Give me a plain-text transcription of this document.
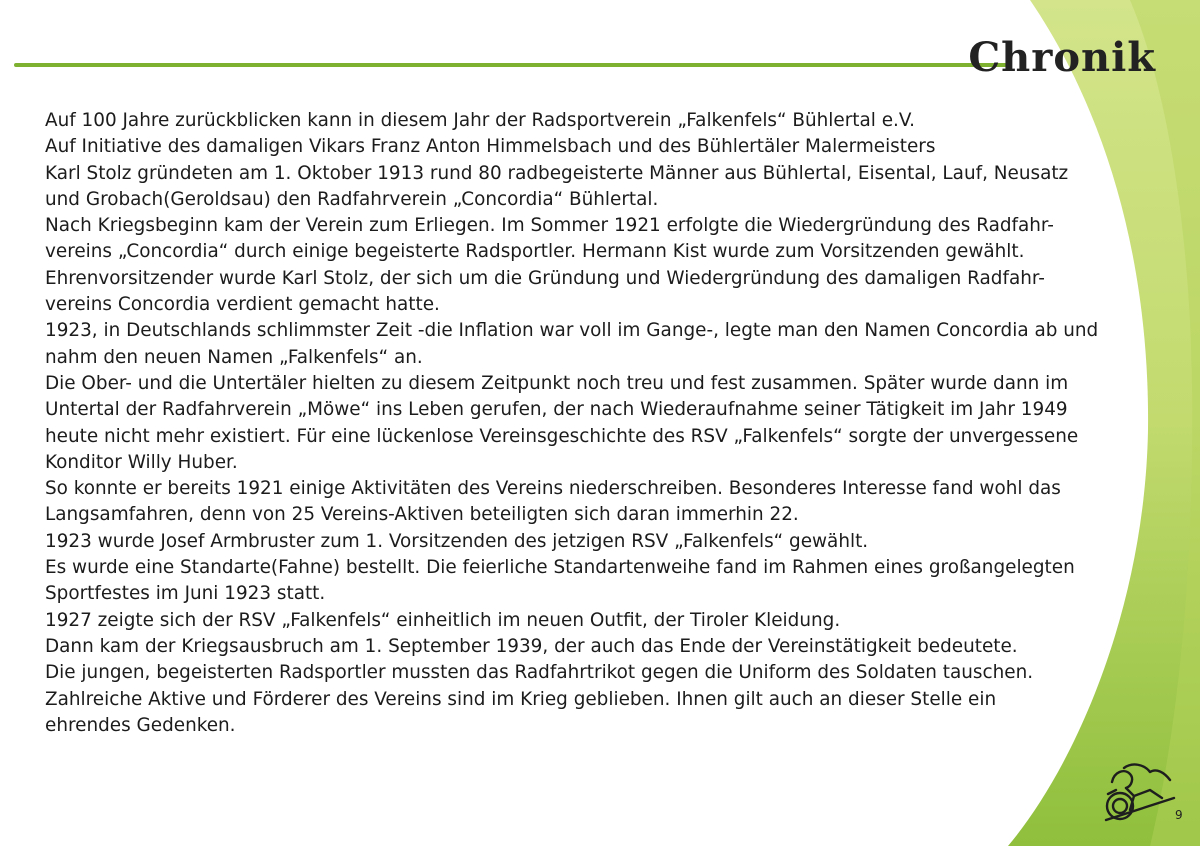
Chronik
Auf 100 Jahre zurückblicken kann in diesem Jahr der Radsportverein „Falkenfels“ Bühlertal e.V.
Auf Initiative des damaligen Vikars Franz Anton Himmelsbach und des Bühlertäler Malermeisters
Karl Stolz gründeten am 1. Oktober 1913 rund 80 radbegeisterte Männer aus Bühlertal, Eisental, Lauf, Neusatz
und Grobach(Geroldsau) den Radfahrverein „Concordia“ Bühlertal.
Nach Kriegsbeginn kam der Verein zum Erliegen. Im Sommer 1921 erfolgte die Wiedergründung des Radfahr-
vereins „Concordia“ durch einige begeisterte Radsportler. Hermann Kist wurde zum Vorsitzenden gewählt.
Ehrenvorsitzender wurde Karl Stolz, der sich um die Gründung und Wiedergründung des damaligen Radfahr-
vereins Concordia verdient gemacht hatte.
1923, in Deutschlands schlimmster Zeit -die Inflation war voll im Gange-, legte man den Namen Concordia ab und
nahm den neuen Namen „Falkenfels“ an.
Die Ober- und die Untertäler hielten zu diesem Zeitpunkt noch treu und fest zusammen. Später wurde dann im
Untertal der Radfahrverein „Möwe“ ins Leben gerufen, der nach Wiederaufnahme seiner Tätigkeit im Jahr 1949
heute nicht mehr existiert. Für eine lückenlose Vereinsgeschichte des RSV „Falkenfels“ sorgte der unvergessene
Konditor Willy Huber.
So konnte er bereits 1921 einige Aktivitäten des Vereins niederschreiben. Besonderes Interesse fand wohl das
Langsamfahren, denn von 25 Vereins-Aktiven beteiligten sich daran immerhin 22.
1923 wurde Josef Armbruster zum 1. Vorsitzenden des jetzigen RSV „Falkenfels“ gewählt.
Es wurde eine Standarte(Fahne) bestellt. Die feierliche Standartenweihe fand im Rahmen eines großangelegten
Sportfestes im Juni 1923 statt.
1927 zeigte sich der RSV „Falkenfels“ einheitlich im neuen Outfit, der Tiroler Kleidung.
Dann kam der Kriegsausbruch am 1. September 1939, der auch das Ende der Vereinstätigkeit bedeutete.
Die jungen, begeisterten Radsportler mussten das Radfahrtrikot gegen die Uniform des Soldaten tauschen.
Zahlreiche Aktive und Förderer des Vereins sind im Krieg geblieben. Ihnen gilt auch an dieser Stelle ein
ehrendes Gedenken.
9
